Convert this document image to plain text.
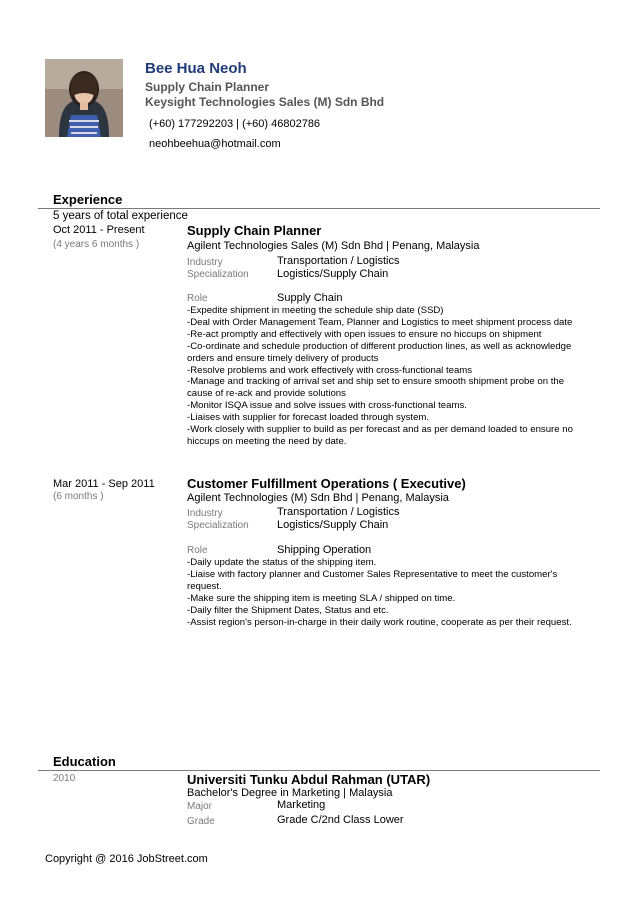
Bee Hua Neoh
Supply Chain Planner
Keysight Technologies Sales (M) Sdn Bhd
(+60) 177292203 | (+60) 46802786
neohbeehua@hotmail.com
Experience
5 years of total experience
Oct 2011 - Present
(4 years 6 months )
Supply Chain Planner
Agilent Technologies Sales (M) Sdn Bhd | Penang, Malaysia
Industry	Transportation / Logistics
Specialization	Logistics/Supply Chain
Role	Supply Chain
-Expedite shipment in meeting the schedule ship date (SSD)
-Deal with Order Management Team, Planner and Logistics to meet shipment process date
-Re-act promptly and effectively with open issues to ensure no hiccups on shipment
-Co-ordinate and schedule production of different production lines, as well as acknowledge orders and ensure timely delivery of products
-Resolve problems and work effectively with cross-functional teams
-Manage and tracking of arrival set and ship set to ensure smooth shipment probe on the cause of re-ack and provide solutions
-Monitor ISQA issue and solve issues with cross-functional teams.
-Liaises with supplier for forecast loaded through system.
-Work closely with supplier to build as per forecast and as per demand loaded to ensure no hiccups on meeting the need by date.
Mar 2011 - Sep 2011
(6 months )
Customer Fulfillment Operations ( Executive)
Agilent Technologies (M) Sdn Bhd | Penang, Malaysia
Industry	Transportation / Logistics
Specialization	Logistics/Supply Chain
Role	Shipping Operation
-Daily update the status of the shipping item.
-Liaise with factory planner and Customer Sales Representative to meet the customer's request.
-Make sure the shipping item is meeting SLA / shipped on time.
-Daily filter the Shipment Dates, Status and etc.
-Assist region's person-in-charge in their daily work routine, cooperate as per their request.
Education
2010	Universiti Tunku Abdul Rahman (UTAR)
Bachelor's Degree in Marketing | Malaysia
Major	Marketing
Grade	Grade C/2nd Class Lower
Copyright @ 2016 JobStreet.com
